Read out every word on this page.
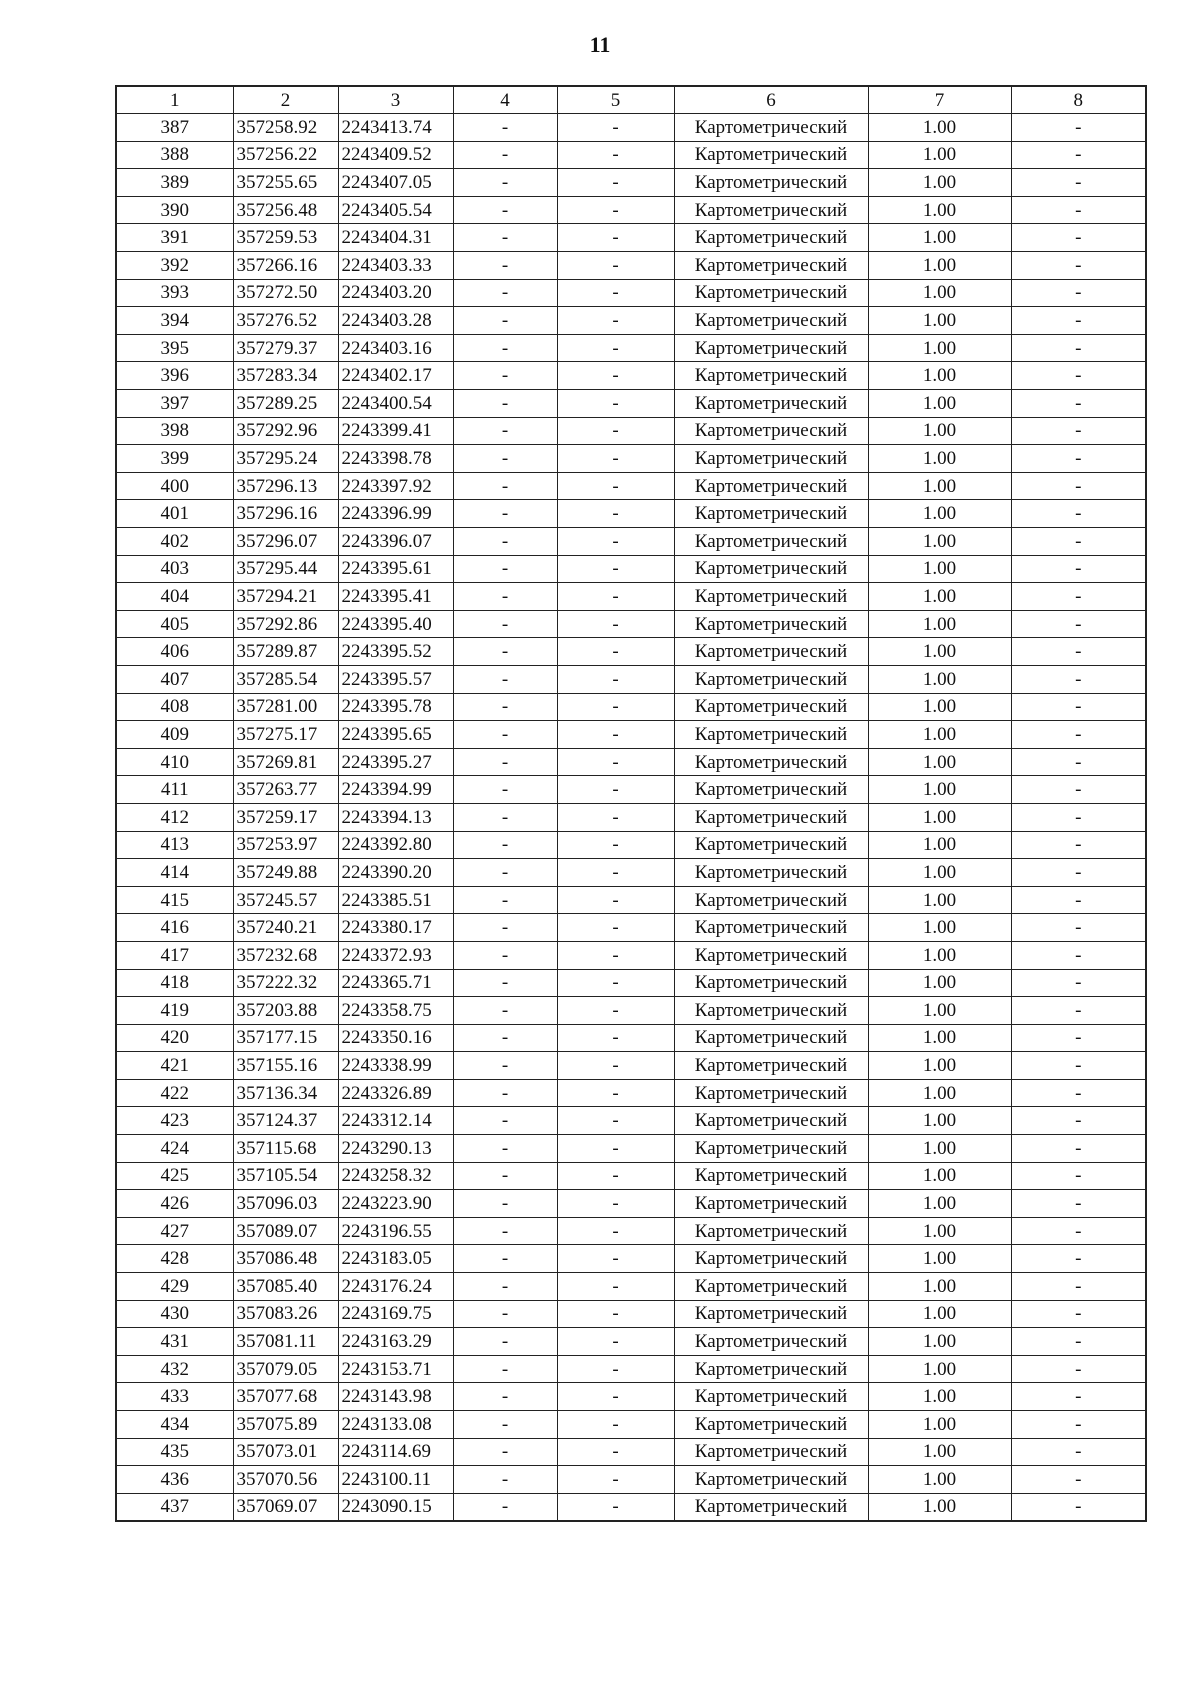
11
1	2	3	4	5	6	7	8
387	357258.92	2243413.74	-	-	Картометрический	1.00	-
388	357256.22	2243409.52	-	-	Картометрический	1.00	-
389	357255.65	2243407.05	-	-	Картометрический	1.00	-
390	357256.48	2243405.54	-	-	Картометрический	1.00	-
391	357259.53	2243404.31	-	-	Картометрический	1.00	-
392	357266.16	2243403.33	-	-	Картометрический	1.00	-
393	357272.50	2243403.20	-	-	Картометрический	1.00	-
394	357276.52	2243403.28	-	-	Картометрический	1.00	-
395	357279.37	2243403.16	-	-	Картометрический	1.00	-
396	357283.34	2243402.17	-	-	Картометрический	1.00	-
397	357289.25	2243400.54	-	-	Картометрический	1.00	-
398	357292.96	2243399.41	-	-	Картометрический	1.00	-
399	357295.24	2243398.78	-	-	Картометрический	1.00	-
400	357296.13	2243397.92	-	-	Картометрический	1.00	-
401	357296.16	2243396.99	-	-	Картометрический	1.00	-
402	357296.07	2243396.07	-	-	Картометрический	1.00	-
403	357295.44	2243395.61	-	-	Картометрический	1.00	-
404	357294.21	2243395.41	-	-	Картометрический	1.00	-
405	357292.86	2243395.40	-	-	Картометрический	1.00	-
406	357289.87	2243395.52	-	-	Картометрический	1.00	-
407	357285.54	2243395.57	-	-	Картометрический	1.00	-
408	357281.00	2243395.78	-	-	Картометрический	1.00	-
409	357275.17	2243395.65	-	-	Картометрический	1.00	-
410	357269.81	2243395.27	-	-	Картометрический	1.00	-
411	357263.77	2243394.99	-	-	Картометрический	1.00	-
412	357259.17	2243394.13	-	-	Картометрический	1.00	-
413	357253.97	2243392.80	-	-	Картометрический	1.00	-
414	357249.88	2243390.20	-	-	Картометрический	1.00	-
415	357245.57	2243385.51	-	-	Картометрический	1.00	-
416	357240.21	2243380.17	-	-	Картометрический	1.00	-
417	357232.68	2243372.93	-	-	Картометрический	1.00	-
418	357222.32	2243365.71	-	-	Картометрический	1.00	-
419	357203.88	2243358.75	-	-	Картометрический	1.00	-
420	357177.15	2243350.16	-	-	Картометрический	1.00	-
421	357155.16	2243338.99	-	-	Картометрический	1.00	-
422	357136.34	2243326.89	-	-	Картометрический	1.00	-
423	357124.37	2243312.14	-	-	Картометрический	1.00	-
424	357115.68	2243290.13	-	-	Картометрический	1.00	-
425	357105.54	2243258.32	-	-	Картометрический	1.00	-
426	357096.03	2243223.90	-	-	Картометрический	1.00	-
427	357089.07	2243196.55	-	-	Картометрический	1.00	-
428	357086.48	2243183.05	-	-	Картометрический	1.00	-
429	357085.40	2243176.24	-	-	Картометрический	1.00	-
430	357083.26	2243169.75	-	-	Картометрический	1.00	-
431	357081.11	2243163.29	-	-	Картометрический	1.00	-
432	357079.05	2243153.71	-	-	Картометрический	1.00	-
433	357077.68	2243143.98	-	-	Картометрический	1.00	-
434	357075.89	2243133.08	-	-	Картометрический	1.00	-
435	357073.01	2243114.69	-	-	Картометрический	1.00	-
436	357070.56	2243100.11	-	-	Картометрический	1.00	-
437	357069.07	2243090.15	-	-	Картометрический	1.00	-
